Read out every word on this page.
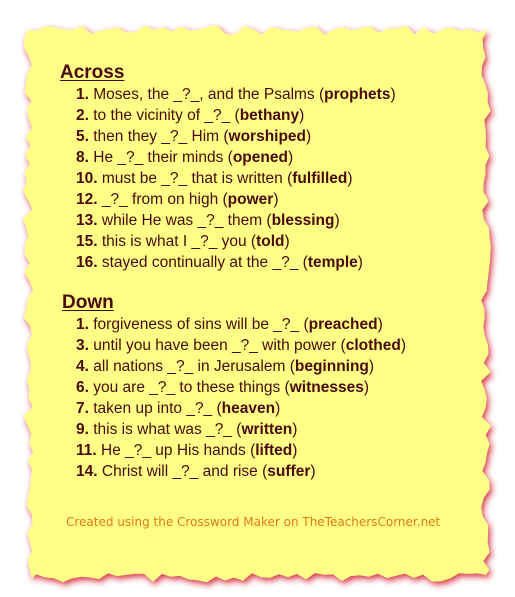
Across
1. Moses, the _?_, and the Psalms (prophets)
2. to the vicinity of _?_ (bethany)
5. then they _?_ Him (worshiped)
8. He _?_ their minds (opened)
10. must be _?_ that is written (fulfilled)
12. _?_ from on high (power)
13. while He was _?_ them (blessing)
15. this is what I _?_ you (told)
16. stayed continually at the _?_ (temple)
Down
1. forgiveness of sins will be _?_ (preached)
3. until you have been _?_ with power (clothed)
4. all nations _?_ in Jerusalem (beginning)
6. you are _?_ to these things (witnesses)
7. taken up into _?_ (heaven)
9. this is what was _?_ (written)
11. He _?_ up His hands (lifted)
14. Christ will _?_ and rise (suffer)
Created using the Crossword Maker on TheTeachersCorner.net
